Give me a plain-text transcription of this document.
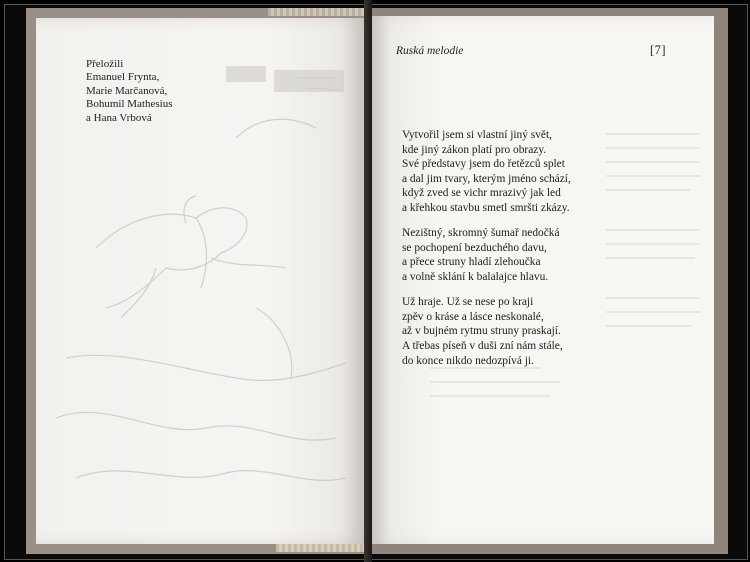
Přeložili
Emanuel Frynta,
Marie Marčanová,
Bohumil Mathesius
a Hana Vrbová
Ruská melodie	[7]
Vytvořil jsem si vlastní jiný svět,
kde jiný zákon platí pro obrazy.
Své představy jsem do řetězců splet
a dal jim tvary, kterým jméno schází,
když zved se vichr mrazivý jak led
a křehkou stavbu smetl smršti zkázy.
Nezištný, skromný šumař nedočká
se pochopení bezduchého davu,
a přece struny hladí zlehoučka
a volně sklání k balalajce hlavu.
Už hraje. Už se nese po kraji
zpěv o kráse a lásce neskonalé,
až v bujném rytmu struny praskají.
A třebas píseň v duši zní nám stále,
do konce nikdo nedozpívá ji.
